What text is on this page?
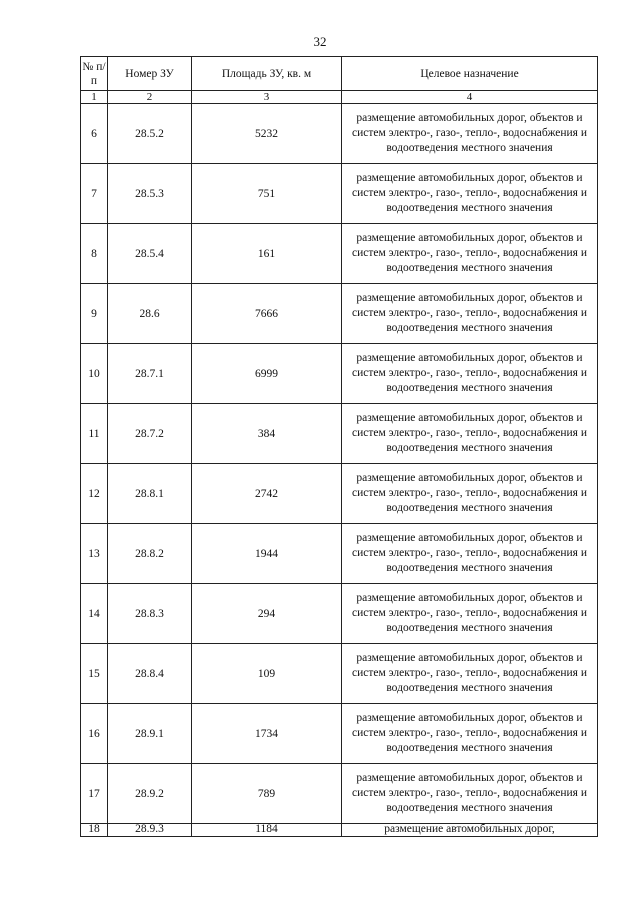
32
№ п/п	Номер ЗУ	Площадь ЗУ, кв. м	Целевое назначение
1	2	3	4
6	28.5.2	5232	размещение автомобильных дорог, объектов и систем электро-, газо-, тепло-, водоснабжения и водоотведения местного значения
7	28.5.3	751	размещение автомобильных дорог, объектов и систем электро-, газо-, тепло-, водоснабжения и водоотведения местного значения
8	28.5.4	161	размещение автомобильных дорог, объектов и систем электро-, газо-, тепло-, водоснабжения и водоотведения местного значения
9	28.6	7666	размещение автомобильных дорог, объектов и систем электро-, газо-, тепло-, водоснабжения и водоотведения местного значения
10	28.7.1	6999	размещение автомобильных дорог, объектов и систем электро-, газо-, тепло-, водоснабжения и водоотведения местного значения
11	28.7.2	384	размещение автомобильных дорог, объектов и систем электро-, газо-, тепло-, водоснабжения и водоотведения местного значения
12	28.8.1	2742	размещение автомобильных дорог, объектов и систем электро-, газо-, тепло-, водоснабжения и водоотведения местного значения
13	28.8.2	1944	размещение автомобильных дорог, объектов и систем электро-, газо-, тепло-, водоснабжения и водоотведения местного значения
14	28.8.3	294	размещение автомобильных дорог, объектов и систем электро-, газо-, тепло-, водоснабжения и водоотведения местного значения
15	28.8.4	109	размещение автомобильных дорог, объектов и систем электро-, газо-, тепло-, водоснабжения и водоотведения местного значения
16	28.9.1	1734	размещение автомобильных дорог, объектов и систем электро-, газо-, тепло-, водоснабжения и водоотведения местного значения
17	28.9.2	789	размещение автомобильных дорог, объектов и систем электро-, газо-, тепло-, водоснабжения и водоотведения местного значения
18	28.9.3	1184	размещение автомобильных дорог,
